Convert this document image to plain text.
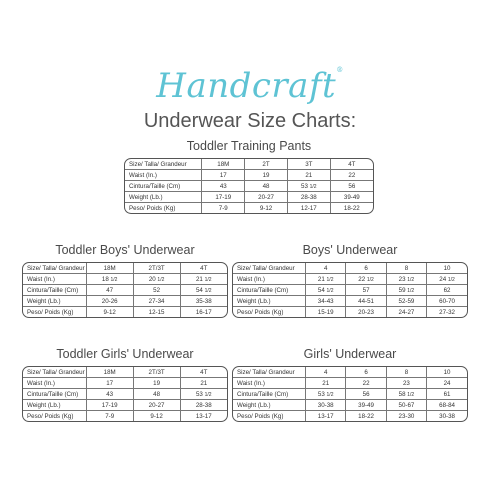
Handcraft®
Underwear Size Charts:
Toddler Training Pants
Size/ Talla/ Grandeur	18M	2T	3T	4T
Waist (In.)	17	19	21	22
Cintura/Taille (Cm)	43	48	53 1/2	56
Weight (Lb.)	17-19	20-27	28-38	39-49
Peso/ Poids (Kg)	7-9	9-12	12-17	18-22
Toddler Boys' Underwear
Size/ Talla/ Grandeur	18M	2T/3T	4T
Waist (In.)	18 1/2	20 1/2	21 1/2
Cintura/Taille (Cm)	47	52	54 1/2
Weight (Lb.)	20-26	27-34	35-38
Peso/ Poids (Kg)	9-12	12-15	16-17
Boys' Underwear
Size/ Talla/ Grandeur	4	6	8	10
Waist (In.)	21 1/2	22 1/2	23 1/2	24 1/2
Cintura/Taille (Cm)	54 1/2	57	59 1/2	62
Weight (Lb.)	34-43	44-51	52-59	60-70
Peso/ Poids (Kg)	15-19	20-23	24-27	27-32
Toddler Girls' Underwear
Size/ Talla/ Grandeur	18M	2T/3T	4T
Waist (In.)	17	19	21
Cintura/Taille (Cm)	43	48	53 1/2
Weight (Lb.)	17-19	20-27	28-38
Peso/ Poids (Kg)	7-9	9-12	13-17
Girls' Underwear
Size/ Talla/ Grandeur	4	6	8	10
Waist (In.)	21	22	23	24
Cintura/Taille (Cm)	53 1/2	56	58 1/2	61
Weight (Lb.)	30-38	39-49	50-67	68-84
Peso/ Poids (Kg)	13-17	18-22	23-30	30-38
